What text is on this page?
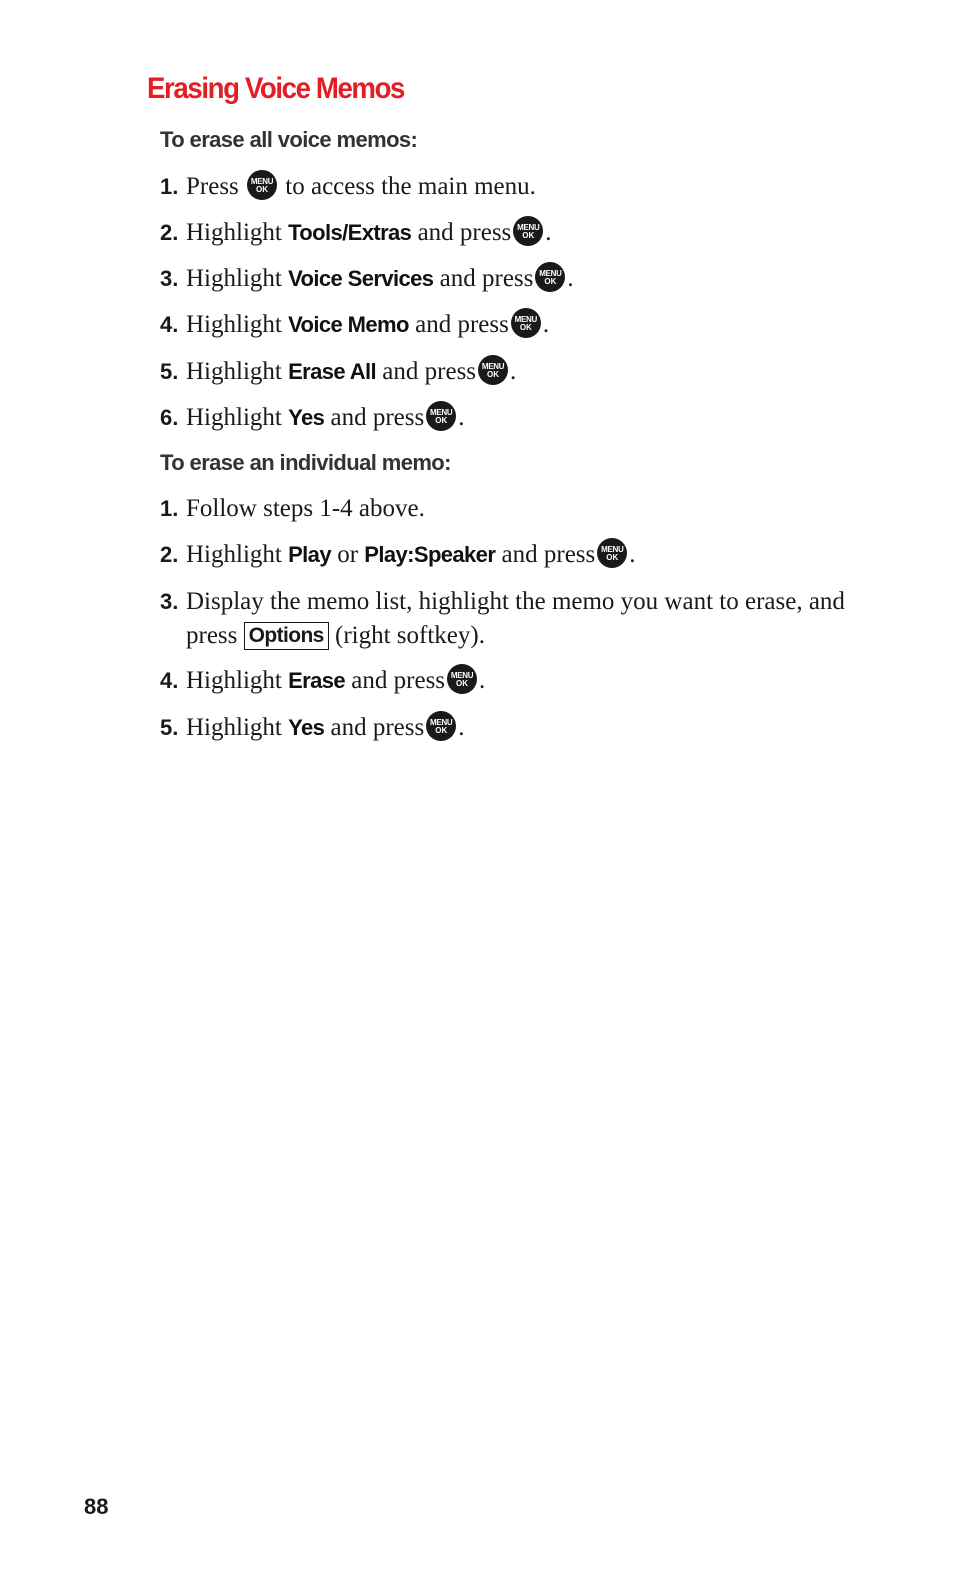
Erasing Voice Memos

To erase all voice memos:

1. Press	MENU
OK to access the main menu.
2. Highlight Tools/Extras and press MENU
OK .
3. Highlight Voice Services and press MENU
OK .
4. Highlight Voice Memo and press MENU
OK .
5. Highlight Erase All and press MENU
OK .
6. Highlight Yes and press MENU
OK .

To erase an individual memo:

1. Follow steps 1-4 above.
2. Highlight Play or Play:Speaker and press MENU
OK .
3. Display the memo list, highlight the memo you want to erase, and press Options (right softkey).
4. Highlight Erase and press MENU
OK .
5. Highlight Yes and press MENU
OK .

88
